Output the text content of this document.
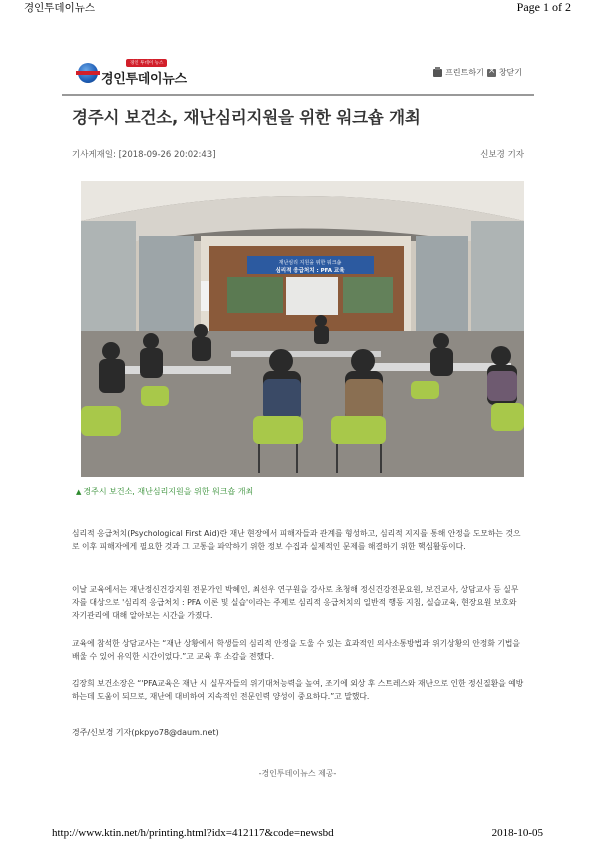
경인투데이뉴스	Page 1 of 2
경인 투데이 뉴스
경인투데이뉴스	프린트하기
× 창닫기
경주시 보건소, 재난심리지원을 위한 워크숍 개최
기사게재일: [2018-09-26 20:02:43]	신보경 기자
재난심리 지원을 위한 워크숍
심리적 응급처치 : PFA 교육
▲ 경주시 보건소, 재난심리지원을 위한 워크숍 개최

심리적 응급처치(Psychological First Aid)란 재난 현장에서 피해자들과 관계를 형성하고, 심리적 지지를 통해 안정을 도모하는 것으로 이후 피해자에게 필요한 것과 그 고통을 파악하기 위한 정보 수집과 실제적인 문제를 해결하기 위한 핵심활동이다.

이날 교육에서는 재난정신건강지원 전문가인 박혜인, 최선우 연구원을 강사로 초청해 정신건강전문요원, 보건교사, 상담교사 등 실무자를 대상으로 '심리적 응급처치 : PFA 이론 및 실습'이라는 주제로 심리적 응급처치의 일반적 행동 지침, 실습교육, 현장요원 보호와 자기관리에 대해 알아보는 시간을 가졌다.

교육에 참석한 상담교사는 “재난 상황에서 학생들의 심리적 안정을 도울 수 있는 효과적인 의사소통방법과 위기상황의 안정화 기법을 배울 수 있어 유익한 시간이었다.”고 교육 후 소감을 전했다.

김장희 보건소장은 “'PFA교육은 재난 시 실무자들의 위기대처능력을 높여, 조기에 외상 후 스트레스와 재난으로 인한 정신질환을 예방하는데 도움이 되므로, 재난에 대비하여 지속적인 전문인력 양성이 중요하다.”고 말했다.

경주/신보경 기자(pkpyo78@daum.net)
-경인투데이뉴스 제공-
http://www.ktin.net/h/printing.html?idx=412117&code=newsbd	2018-10-05
